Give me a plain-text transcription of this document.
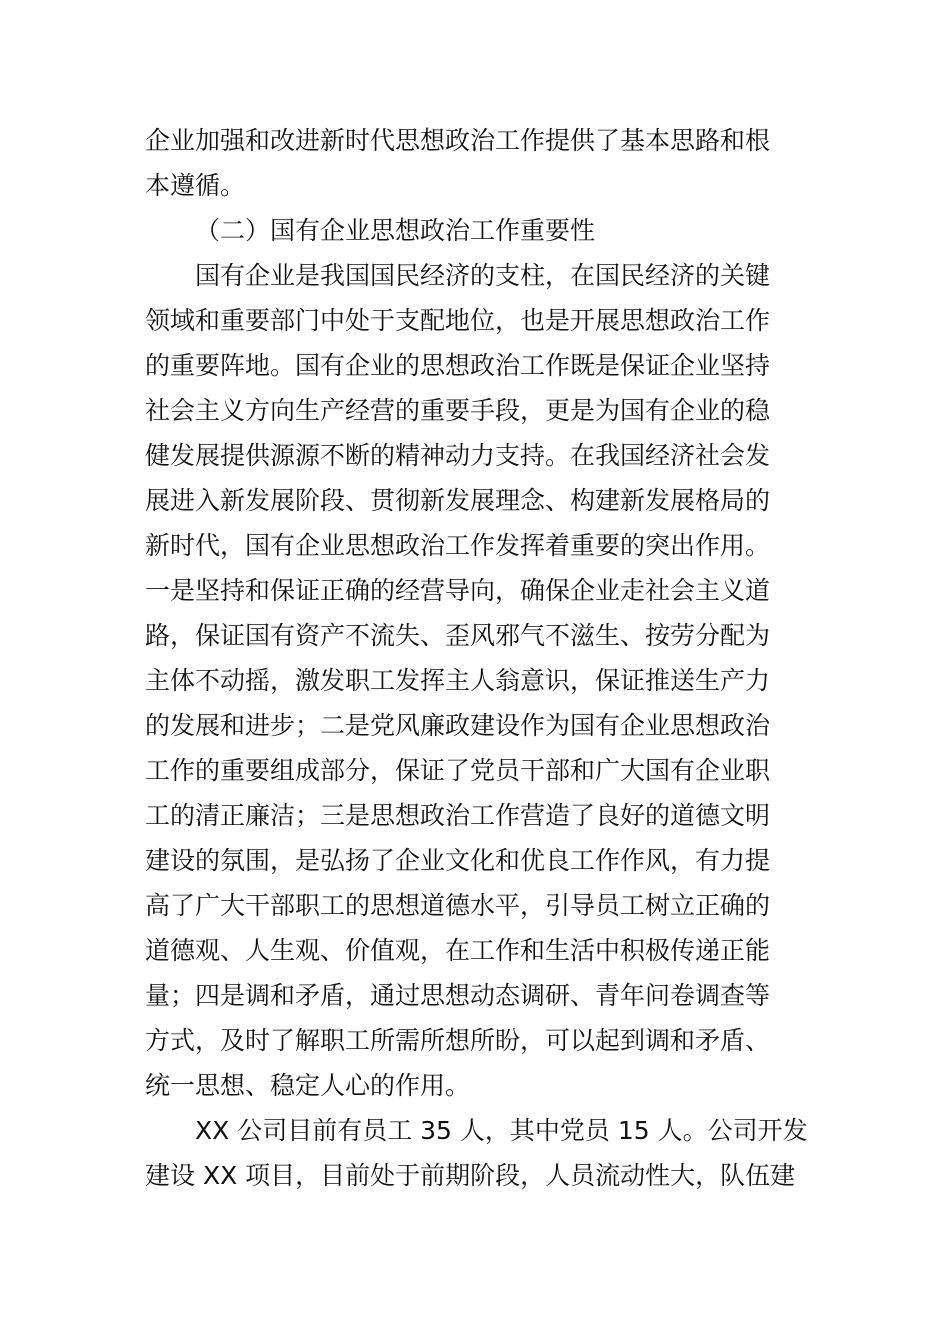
企业加强和改进新时代思想政治工作提供了基本思路和根
本遵循。
（二）国有企业思想政治工作重要性
国有企业是我国国民经济的支柱，在国民经济的关键
领域和重要部门中处于支配地位，也是开展思想政治工作
的重要阵地。国有企业的思想政治工作既是保证企业坚持
社会主义方向生产经营的重要手段，更是为国有企业的稳
健发展提供源源不断的精神动力支持。在我国经济社会发
展进入新发展阶段、贯彻新发展理念、构建新发展格局的
新时代，国有企业思想政治工作发挥着重要的突出作用。
一是坚持和保证正确的经营导向，确保企业走社会主义道
路，保证国有资产不流失、歪风邪气不滋生、按劳分配为
主体不动摇，激发职工发挥主人翁意识，保证推送生产力
的发展和进步；二是党风廉政建设作为国有企业思想政治
工作的重要组成部分，保证了党员干部和广大国有企业职
工的清正廉洁；三是思想政治工作营造了良好的道德文明
建设的氛围，是弘扬了企业文化和优良工作作风，有力提
高了广大干部职工的思想道德水平，引导员工树立正确的
道德观、人生观、价值观，在工作和生活中积极传递正能
量；四是调和矛盾，通过思想动态调研、青年问卷调查等
方式，及时了解职工所需所想所盼，可以起到调和矛盾、
统一思想、稳定人心的作用。
XX 公司目前有员工 35 人，其中党员 15 人。公司开发
建设 XX 项目，目前处于前期阶段，人员流动性大，队伍建
